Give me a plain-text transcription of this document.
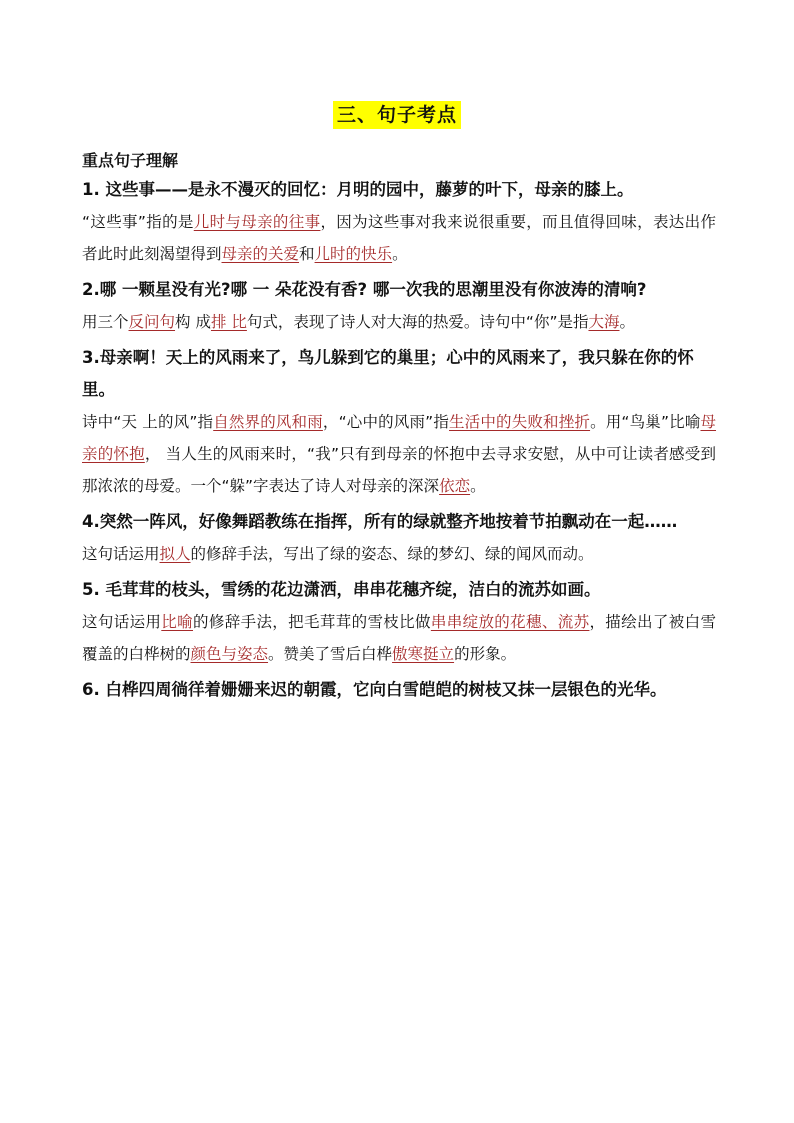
三、句子考点

重点句子理解

1. 这些事——是永不漫灭的回忆：月明的园中，藤萝的叶下，母亲的膝上。

“这些事”指的是儿时与母亲的往事，因为这些事对我来说很重要，而且值得回味，表达出作者此时此刻渴望得到母亲的关爱和儿时的快乐。

2.哪 一颗星没有光?哪 一 朵花没有香? 哪一次我的思潮里没有你波涛的清响?

用三个反问句构 成排 比句式，表现了诗人对大海的热爱。诗句中“你”是指大海。

3.母亲啊！天上的风雨来了，鸟儿躲到它的巢里；心中的风雨来了，我只躲在你的怀里。

诗中“天 上的风”指自然界的风和雨，“心中的风雨”指生活中的失败和挫折。用“鸟巢”比喻母亲的怀抱， 当人生的风雨来时，“我”只有到母亲的怀抱中去寻求安慰，从中可让读者感受到那浓浓的母爱。一个“躲”字表达了诗人对母亲的深深依恋。

4.突然一阵风，好像舞蹈教练在指挥，所有的绿就整齐地按着节拍飘动在一起……

这句话运用拟人的修辞手法，写出了绿的姿态、绿的梦幻、绿的闻风而动。

5. 毛茸茸的枝头，雪绣的花边潇洒，串串花穗齐绽，洁白的流苏如画。

这句话运用比喻的修辞手法，把毛茸茸的雪枝比做串串绽放的花穗、流苏，描绘出了被白雪覆盖的白桦树的颜色与姿态。赞美了雪后白桦傲寒挺立的形象。

6. 白桦四周徜徉着姗姗来迟的朝霞，它向白雪皑皑的树枝又抹一层银色的光华。
